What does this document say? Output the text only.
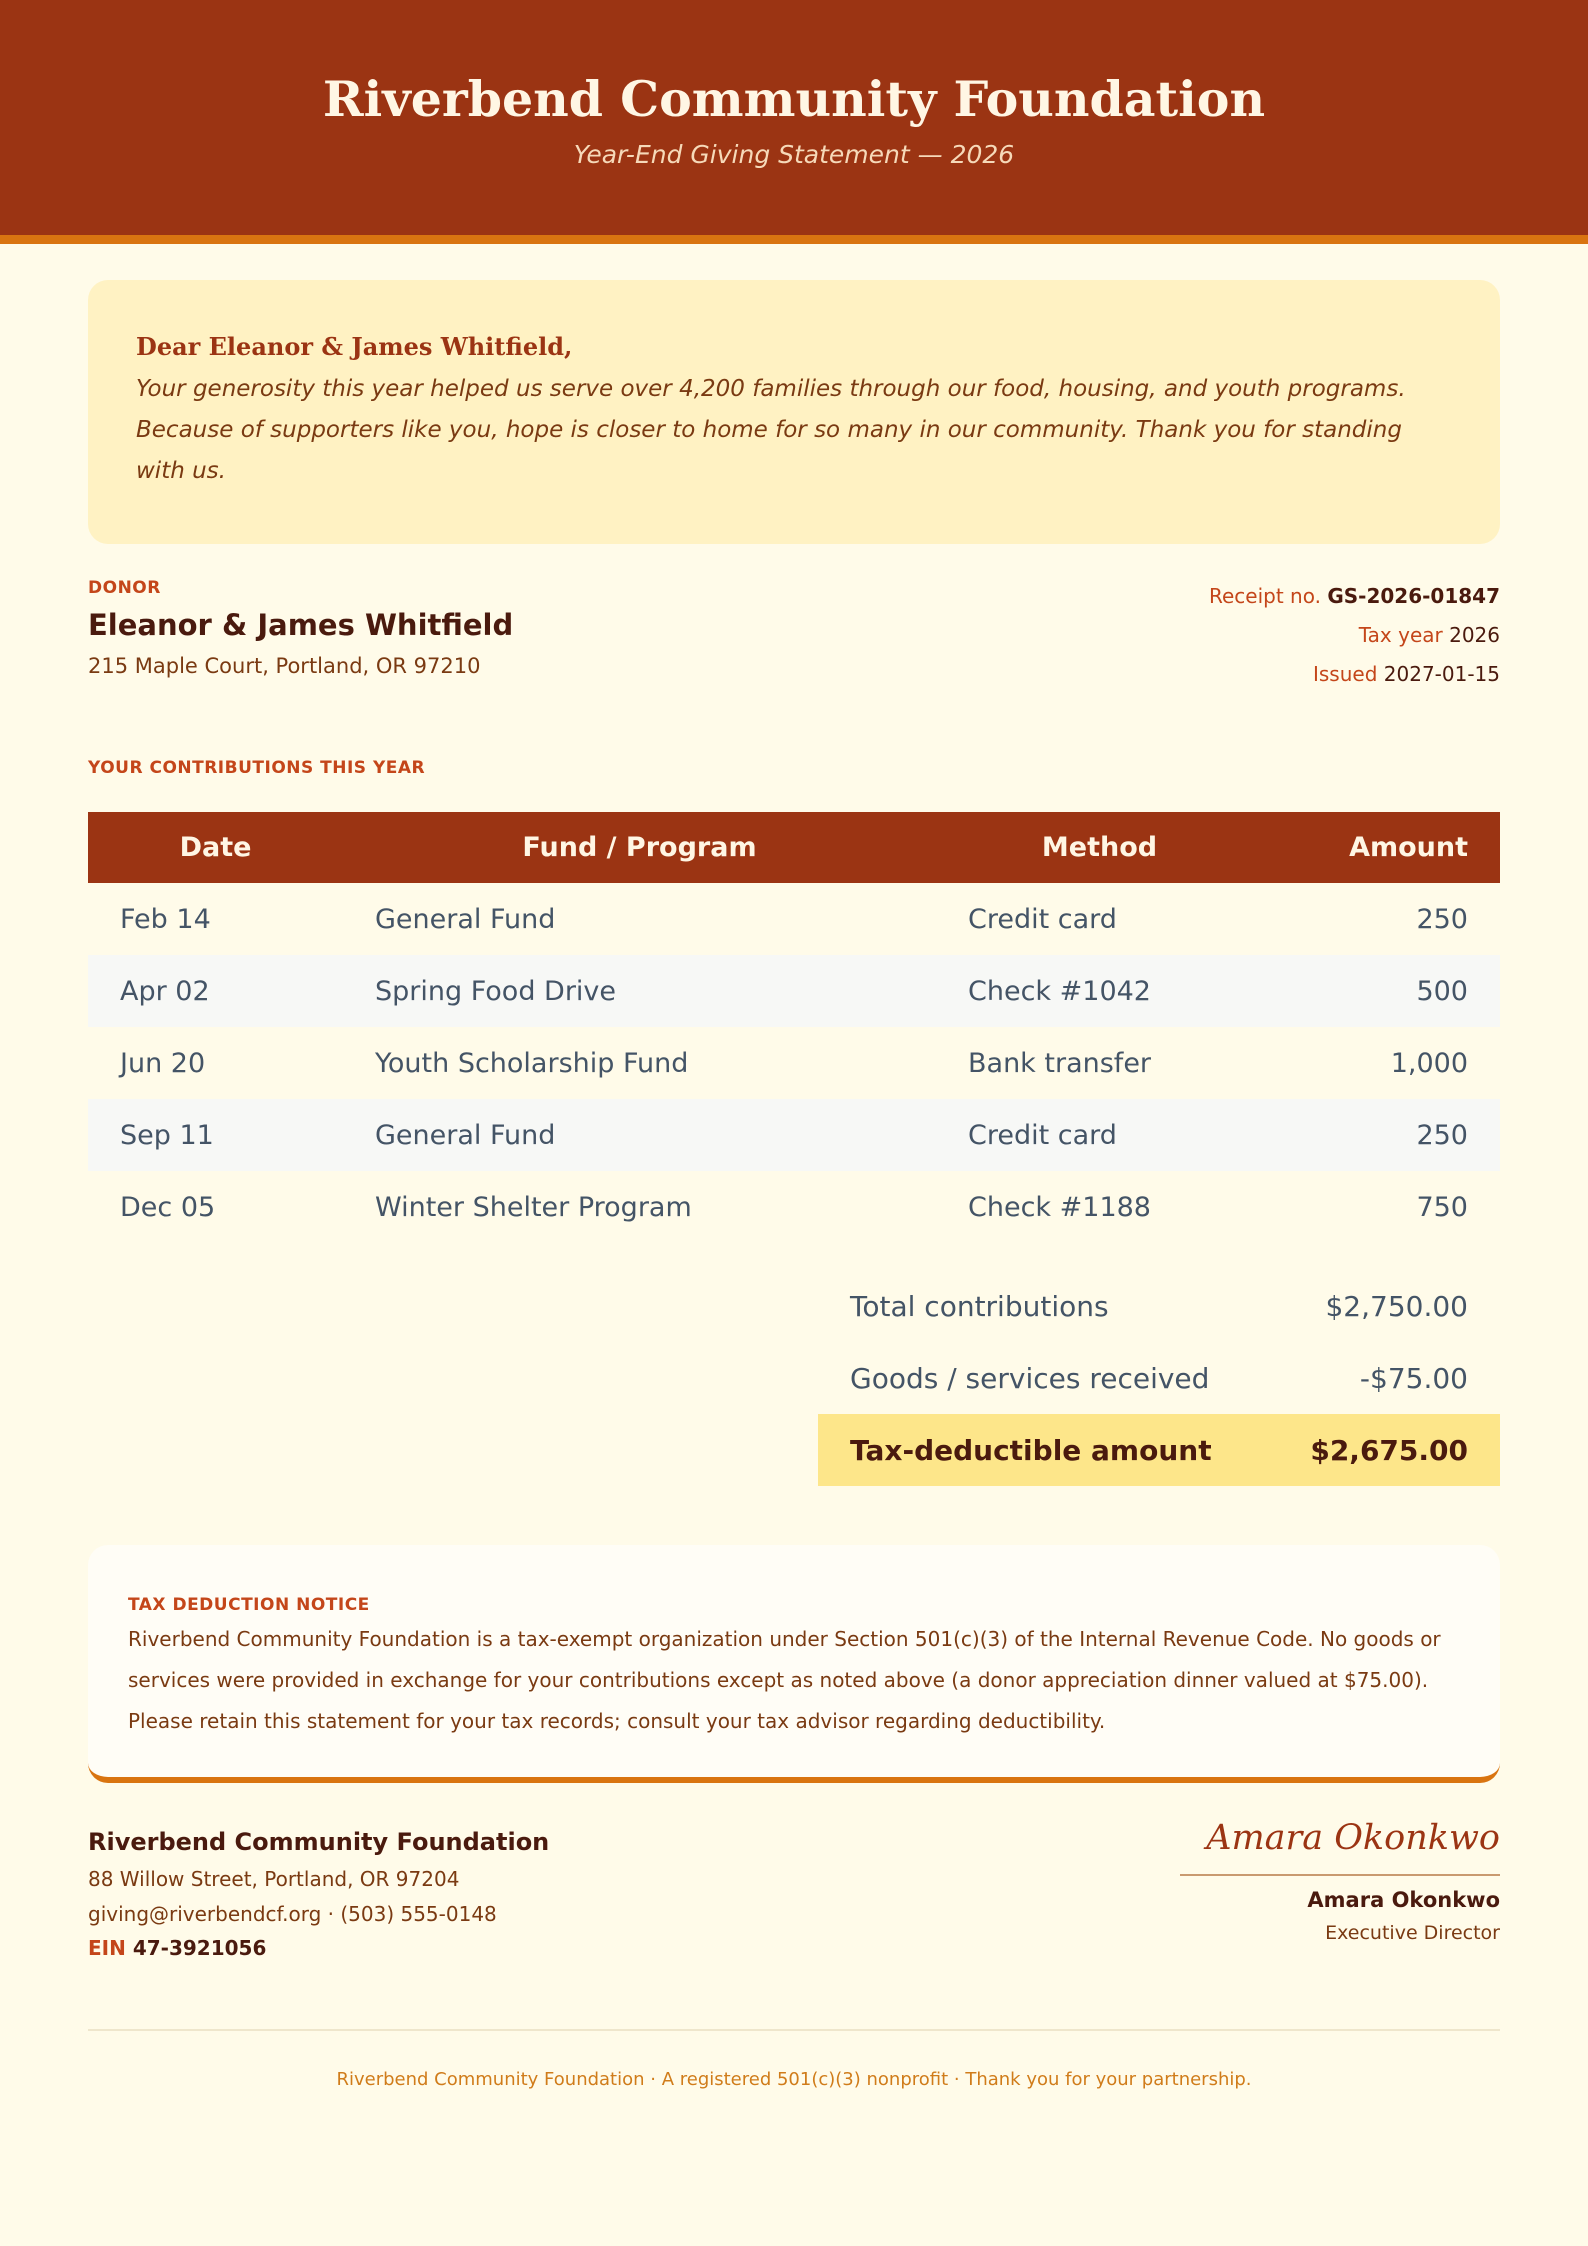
Riverbend Community Foundation
Year-End Giving Statement — 2026
Dear Eleanor & James Whitfield,
Your generosity this year helped us serve over 4,200 families through our food, housing, and youth programs. Because of supporters like you, hope is closer to home for so many in our community. Thank you for standing with us.
DONOR
Eleanor & James Whitfield
215 Maple Court, Portland, OR 97210
Receipt no. GS-2026-01847
Tax year 2026
Issued 2027-01-15
YOUR CONTRIBUTIONS THIS YEAR
Date	Fund / Program	Method	Amount
Feb 14	General Fund	Credit card	250
Apr 02	Spring Food Drive	Check #1042	500
Jun 20	Youth Scholarship Fund	Bank transfer	1,000
Sep 11	General Fund	Credit card	250
Dec 05	Winter Shelter Program	Check #1188	750
Total contributions	$2,750.00
Goods / services received	-$75.00
Tax-deductible amount	$2,675.00
TAX DEDUCTION NOTICE
Riverbend Community Foundation is a tax-exempt organization under Section 501(c)(3) of the Internal Revenue Code. No goods or services were provided in exchange for your contributions except as noted above (a donor appreciation dinner valued at $75.00). Please retain this statement for your tax records; consult your tax advisor regarding deductibility.
Riverbend Community Foundation
88 Willow Street, Portland, OR 97204
giving@riverbendcf.org · (503) 555-0148
EIN 47-3921056
Amara Okonkwo
Amara Okonkwo
Executive Director
Riverbend Community Foundation · A registered 501(c)(3) nonprofit · Thank you for your partnership.
